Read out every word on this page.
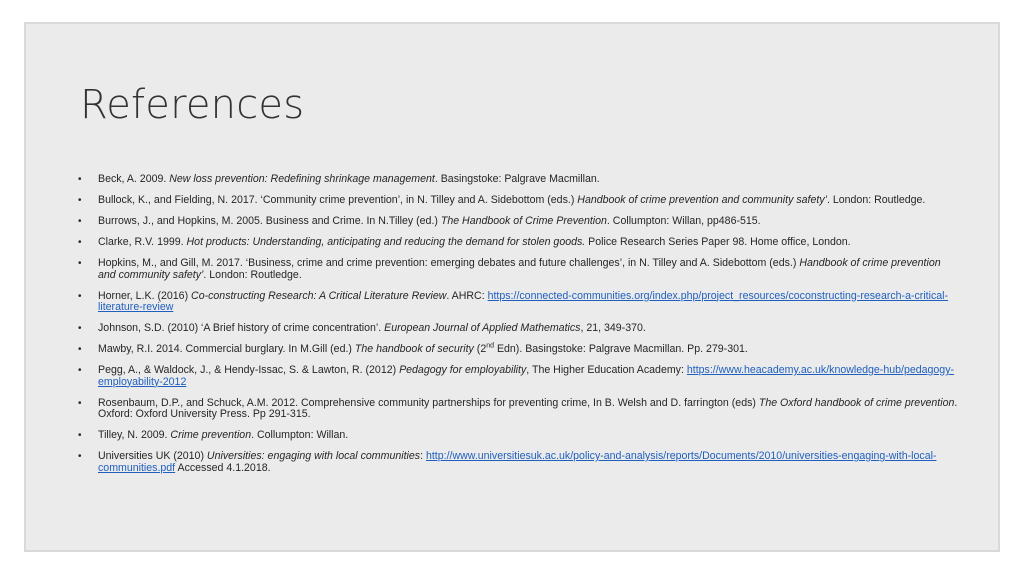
References
• Beck, A. 2009. New loss prevention: Redefining shrinkage management. Basingstoke: Palgrave Macmillan.
• Bullock, K., and Fielding, N. 2017. ‘Community crime prevention’, in N. Tilley and A. Sidebottom (eds.) Handbook of crime prevention and community safety’. London: Routledge.
• Burrows, J., and Hopkins, M. 2005. Business and Crime. In N.Tilley (ed.) The Handbook of Crime Prevention. Collumpton: Willan, pp486-515.
• Clarke, R.V. 1999. Hot products: Understanding, anticipating and reducing the demand for stolen goods. Police Research Series Paper 98. Home office, London.
• Hopkins, M., and Gill, M. 2017. ‘Business, crime and crime prevention: emerging debates and future challenges’, in N. Tilley and A. Sidebottom (eds.) Handbook of crime prevention and community safety’. London: Routledge.
• Horner, L.K. (2016) Co-constructing Research: A Critical Literature Review. AHRC: https://connected-communities.org/index.php/project_resources/coconstructing-research-a-critical-literature-review
• Johnson, S.D. (2010) ‘A Brief history of crime concentration’. European Journal of Applied Mathematics, 21, 349-370.
• Mawby, R.I. 2014. Commercial burglary. In M.Gill (ed.) The handbook of security (2nd Edn). Basingstoke: Palgrave Macmillan. Pp. 279-301.
• Pegg, A., & Waldock, J., & Hendy-Issac, S. & Lawton, R. (2012) Pedagogy for employability, The Higher Education Academy: https://www.heacademy.ac.uk/knowledge-hub/pedagogy-employability-2012
• Rosenbaum, D.P., and Schuck, A.M. 2012. Comprehensive community partnerships for preventing crime, In B. Welsh and D. farrington (eds) The Oxford handbook of crime prevention. Oxford: Oxford University Press. Pp 291-315.
• Tilley, N. 2009. Crime prevention. Collumpton: Willan.
• Universities UK (2010) Universities: engaging with local communities: http://www.universitiesuk.ac.uk/policy-and-analysis/reports/Documents/2010/universities-engaging-with-local-communities.pdf Accessed 4.1.2018.
